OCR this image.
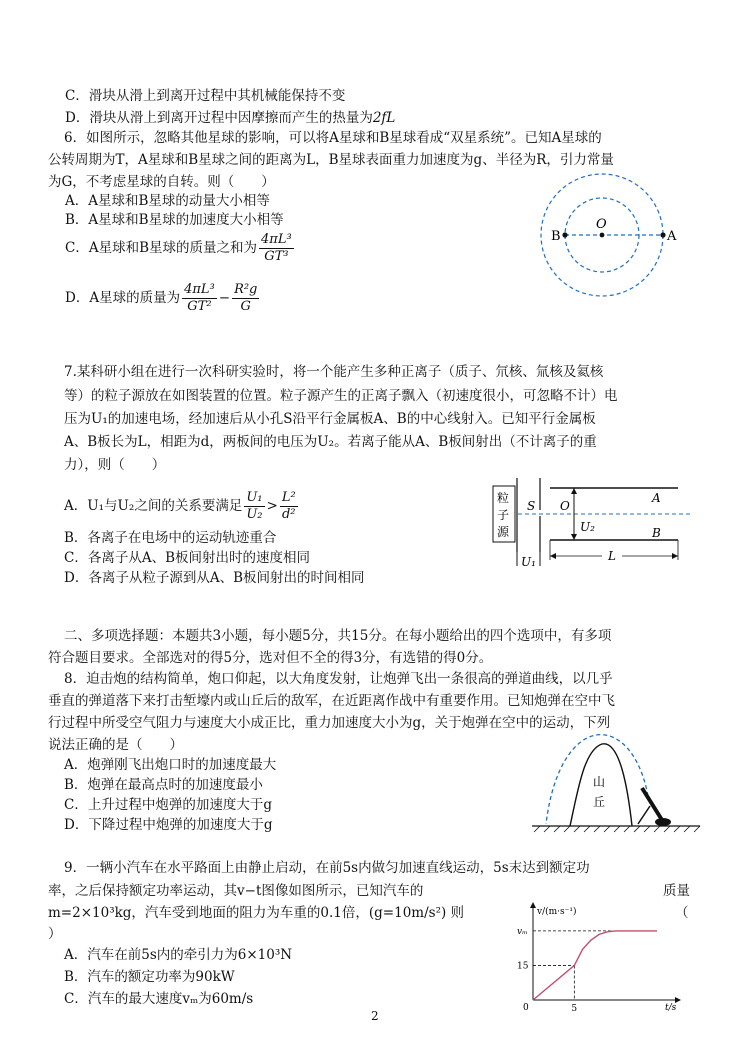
C．滑块从滑上到离开过程中其机械能保持不变
D．滑块从滑上到离开过程中因摩擦而产生的热量为2fL
6．如图所示，忽略其他星球的影响，可以将A星球和B星球看成“双星系统”。已知A星球的
公转周期为T，A星球和B星球之间的距离为L，B星球表面重力加速度为g、半径为R，引力常量
为G，不考虑星球的自转。则（　　）
A．A星球和B星球的动量大小相等
B．A星球和B星球的加速度大小相等
C．A星球和B星球的质量之和为 $\frac{\text{4πL³}}{\text{GT³}}$
D．A星球的质量为 $\frac{\text{4πL³}}{\text{GT²}} - \frac{\text{R²g}}{G}$
B
O
A
7.某科研小组在进行一次科研实验时，将一个能产生多种正离子（质子、氘核、氚核及氦核
等）的粒子源放在如图装置的位置。粒子源产生的正离子飘入（初速度很小，可忽略不计）电
压为U₁的加速电场，经加速后从小孔S沿平行金属板A、B的中心线射入。已知平行金属板
A、B板长为L，相距为d，两板间的电压为U₂。若离子能从A、B板间射出（不计离子的重
力），则（　　）
A．U₁与U₂之间的关系要满足 $\frac{\text{U₁}}{\text{U₂}} > \frac{\text{L²}}{\text{d²}}$
B．各离子在电场中的运动轨迹重合
C．各离子从A、B板间射出时的速度相同
D．各离子从粒子源到从A、B板间射出的时间相同
粒
子
源
S
A
B
O
U₂
U₁	L
二、多项选择题：本题共3小题，每小题5分，共15分。在每小题给出的四个选项中，有多项
符合题目要求。全部选对的得5分，选对但不全的得3分，有选错的得0分。
8．迫击炮的结构简单，炮口仰起，以大角度发射，让炮弹飞出一条很高的弹道曲线，以几乎
垂直的弹道落下来打击堑壕内或山丘后的敌军，在近距离作战中有重要作用。已知炮弹在空中飞
行过程中所受空气阻力与速度大小成正比，重力加速度大小为g，关于炮弹在空中的运动，下列
说法正确的是（　　）
A．炮弹刚飞出炮口时的加速度最大
B．炮弹在最高点时的加速度最小
C．上升过程中炮弹的加速度大于g
D．下降过程中炮弹的加速度大于g
山
丘
9．一辆小汽车在水平路面上由静止启动，在前5s内做匀加速直线运动，5s末达到额定功
率，之后保持额定功率运动，其v−t图像如图所示，已知汽车的	质量
m=2×10³kg，汽车受到地面的阻力为车重的0.1倍，(g=10m/s²) 则	（
）
A．汽车在前5s内的牵引力为6×10³N
B．汽车的额定功率为90kW
C．汽车的最大速度vₘ为60m/s
v/(m·s⁻¹)
t/s
0	5
15
vₘ
2
